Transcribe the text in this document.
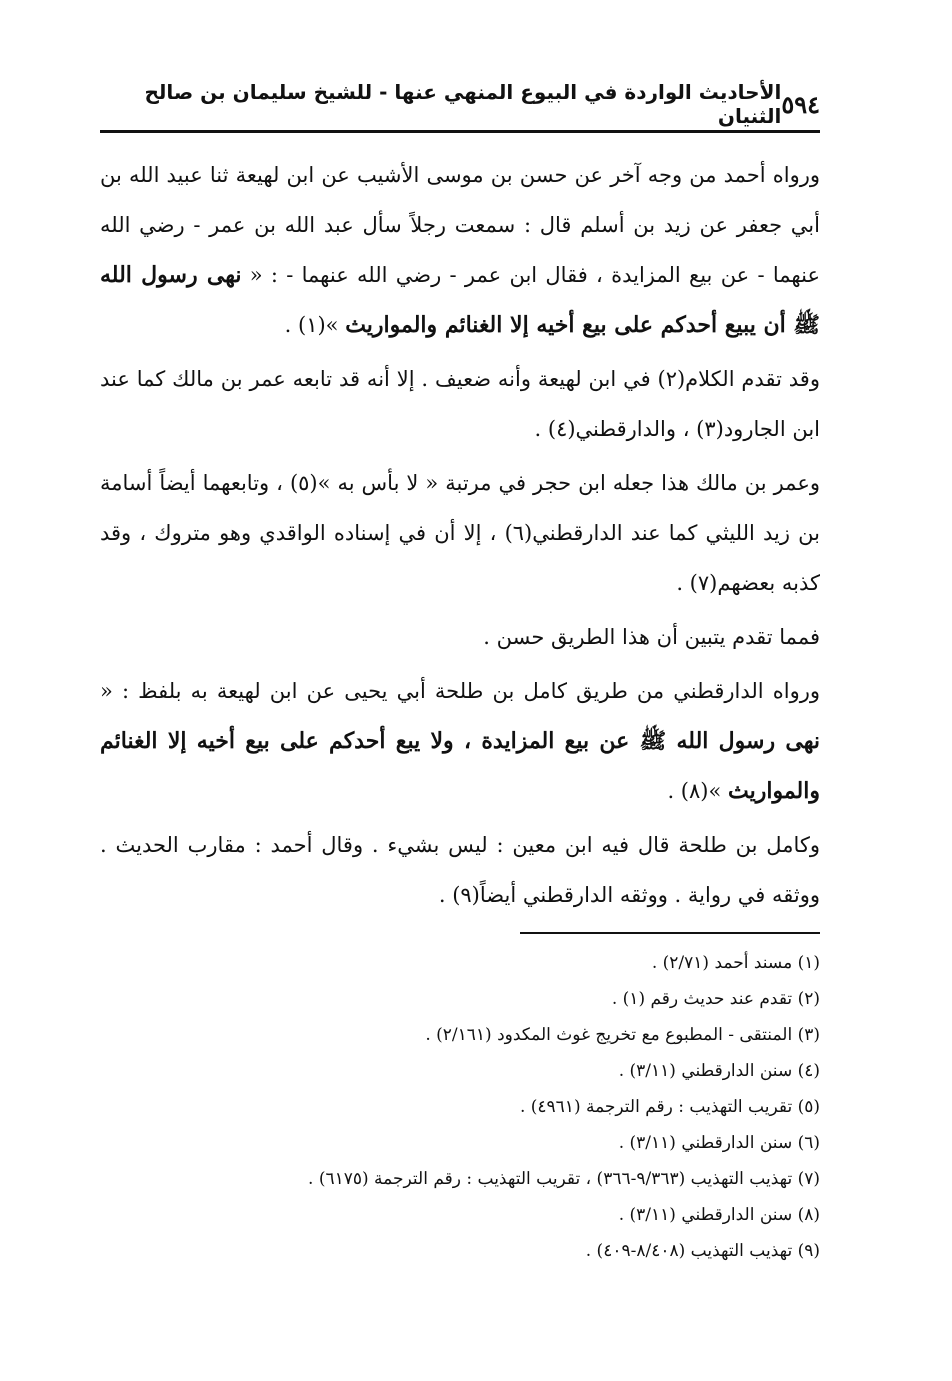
٥٩٤
الأحاديث الواردة في البيوع المنهي عنها - للشيخ سليمان بن صالح الثنيان

ورواه أحمد من وجه آخر عن حسن بن موسى الأشيب عن ابن لهيعة ثنا عبيد الله بن أبي جعفر عن زيد بن أسلم قال : سمعت رجلاً سأل عبد الله بن عمر - رضي الله عنهما - عن بيع المزايدة ، فقال ابن عمر - رضي الله عنهما - : « نهى رسول الله ﷺ أن يبيع أحدكم على بيع أخيه إلا الغنائم والمواريث »(١) .

وقد تقدم الكلام(٢) في ابن لهيعة وأنه ضعيف . إلا أنه قد تابعه عمر بن مالك كما عند ابن الجارود(٣) ، والدارقطني(٤) .

وعمر بن مالك هذا جعله ابن حجر في مرتبة « لا بأس به »(٥) ، وتابعهما أيضاً أسامة بن زيد الليثي كما عند الدارقطني(٦) ، إلا أن في إسناده الواقدي وهو متروك ، وقد كذبه بعضهم(٧) .

فمما تقدم يتبين أن هذا الطريق حسن .

ورواه الدارقطني من طريق كامل بن طلحة أبي يحيى عن ابن لهيعة به بلفظ : « نهى رسول الله ﷺ عن بيع المزايدة ، ولا يبع أحدكم على بيع أخيه إلا الغنائم والمواريث »(٨) .

وكامل بن طلحة قال فيه ابن معين : ليس بشيء . وقال أحمد : مقارب الحديث . ووثقه في رواية . ووثقه الدارقطني أيضاً(٩) .

(١) مسند أحمد (٢/٧١) .
(٢) تقدم عند حديث رقم (١) .
(٣) المنتقى - المطبوع مع تخريج غوث المكدود (٢/١٦١) .
(٤) سنن الدارقطني (٣/١١) .
(٥) تقريب التهذيب : رقم الترجمة (٤٩٦١) .
(٦) سنن الدارقطني (٣/١١) .
(٧) تهذيب التهذيب (٩/٣٦٣-٣٦٦) ، تقريب التهذيب : رقم الترجمة (٦١٧٥) .
(٨) سنن الدارقطني (٣/١١) .
(٩) تهذيب التهذيب (٨/٤٠٨-٤٠٩) .
